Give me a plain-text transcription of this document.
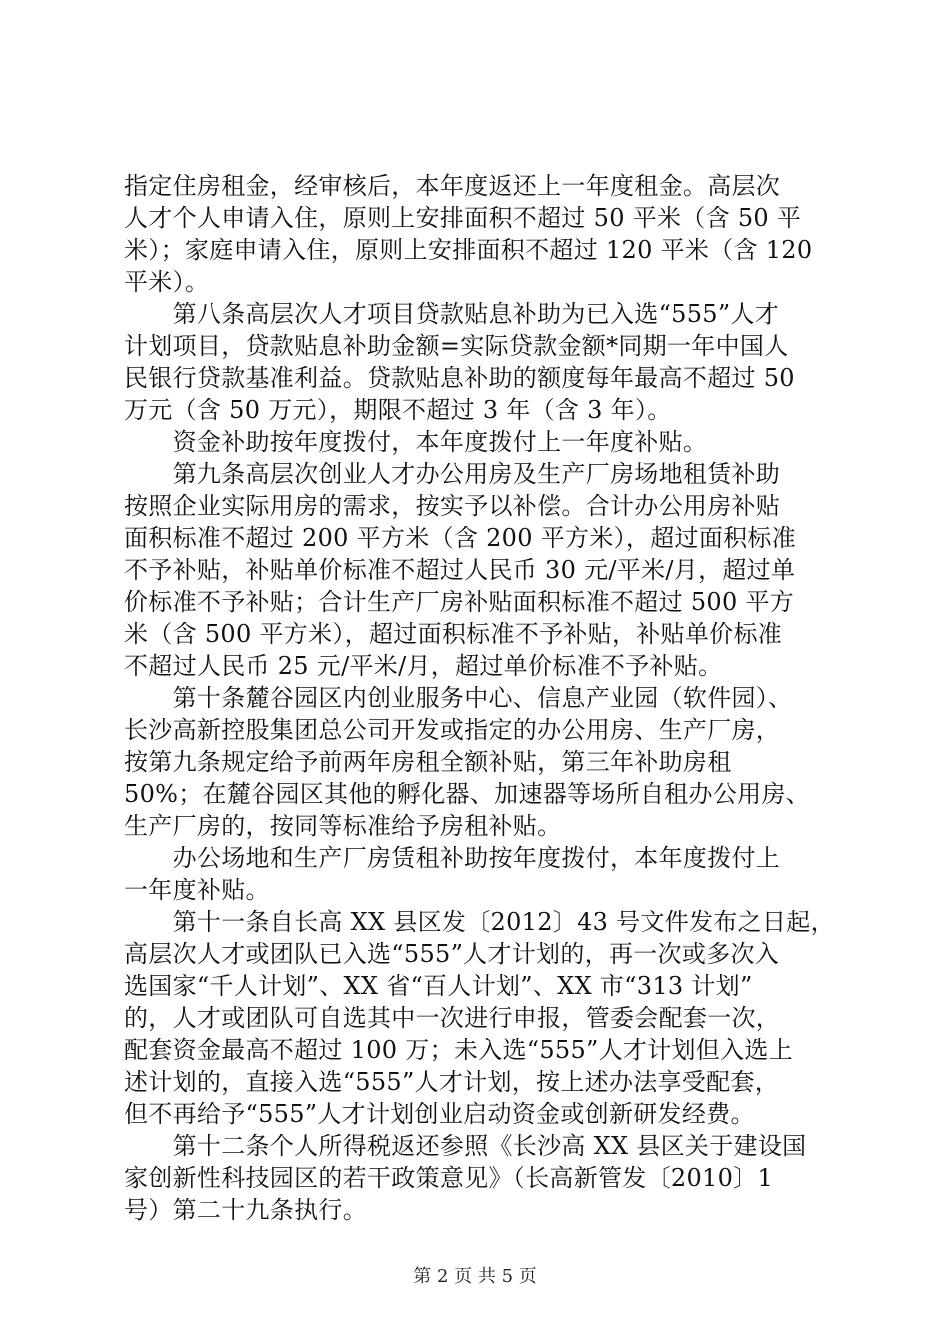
指定住房租金，经审核后，本年度返还上一年度租金。高层次
人才个人申请入住，原则上安排面积不超过 50 平米（含 50 平
米）；家庭申请入住，原则上安排面积不超过 120 平米（含 120
平米）。
　　第八条高层次人才项目贷款贴息补助为已入选“555”人才
计划项目，贷款贴息补助金额=实际贷款金额*同期一年中国人
民银行贷款基准利益。贷款贴息补助的额度每年最高不超过 50
万元（含 50 万元），期限不超过 3 年（含 3 年）。
　　资金补助按年度拨付，本年度拨付上一年度补贴。
　　第九条高层次创业人才办公用房及生产厂房场地租赁补助
按照企业实际用房的需求，按实予以补偿。合计办公用房补贴
面积标准不超过 200 平方米（含 200 平方米），超过面积标准
不予补贴，补贴单价标准不超过人民币 30 元/平米/月，超过单
价标准不予补贴；合计生产厂房补贴面积标准不超过 500 平方
米（含 500 平方米），超过面积标准不予补贴，补贴单价标准
不超过人民币 25 元/平米/月，超过单价标准不予补贴。
　　第十条麓谷园区内创业服务中心、信息产业园（软件园）、
长沙高新控股集团总公司开发或指定的办公用房、生产厂房，
按第九条规定给予前两年房租全额补贴，第三年补助房租
50%；在麓谷园区其他的孵化器、加速器等场所自租办公用房、
生产厂房的，按同等标准给予房租补贴。
　　办公场地和生产厂房赁租补助按年度拨付，本年度拨付上
一年度补贴。
　　第十一条自长高 XX 县区发〔2012〕43 号文件发布之日起，
高层次人才或团队已入选“555”人才计划的，再一次或多次入
选国家“千人计划”、XX 省“百人计划”、XX 市“313 计划”
的，人才或团队可自选其中一次进行申报，管委会配套一次，
配套资金最高不超过 100 万；未入选“555”人才计划但入选上
述计划的，直接入选“555”人才计划，按上述办法享受配套，
但不再给予“555”人才计划创业启动资金或创新研发经费。
　　第十二条个人所得税返还参照《长沙高 XX 县区关于建设国
家创新性科技园区的若干政策意见》（长高新管发〔2010〕1
号）第二十九条执行。
第 2 页 共 5 页
